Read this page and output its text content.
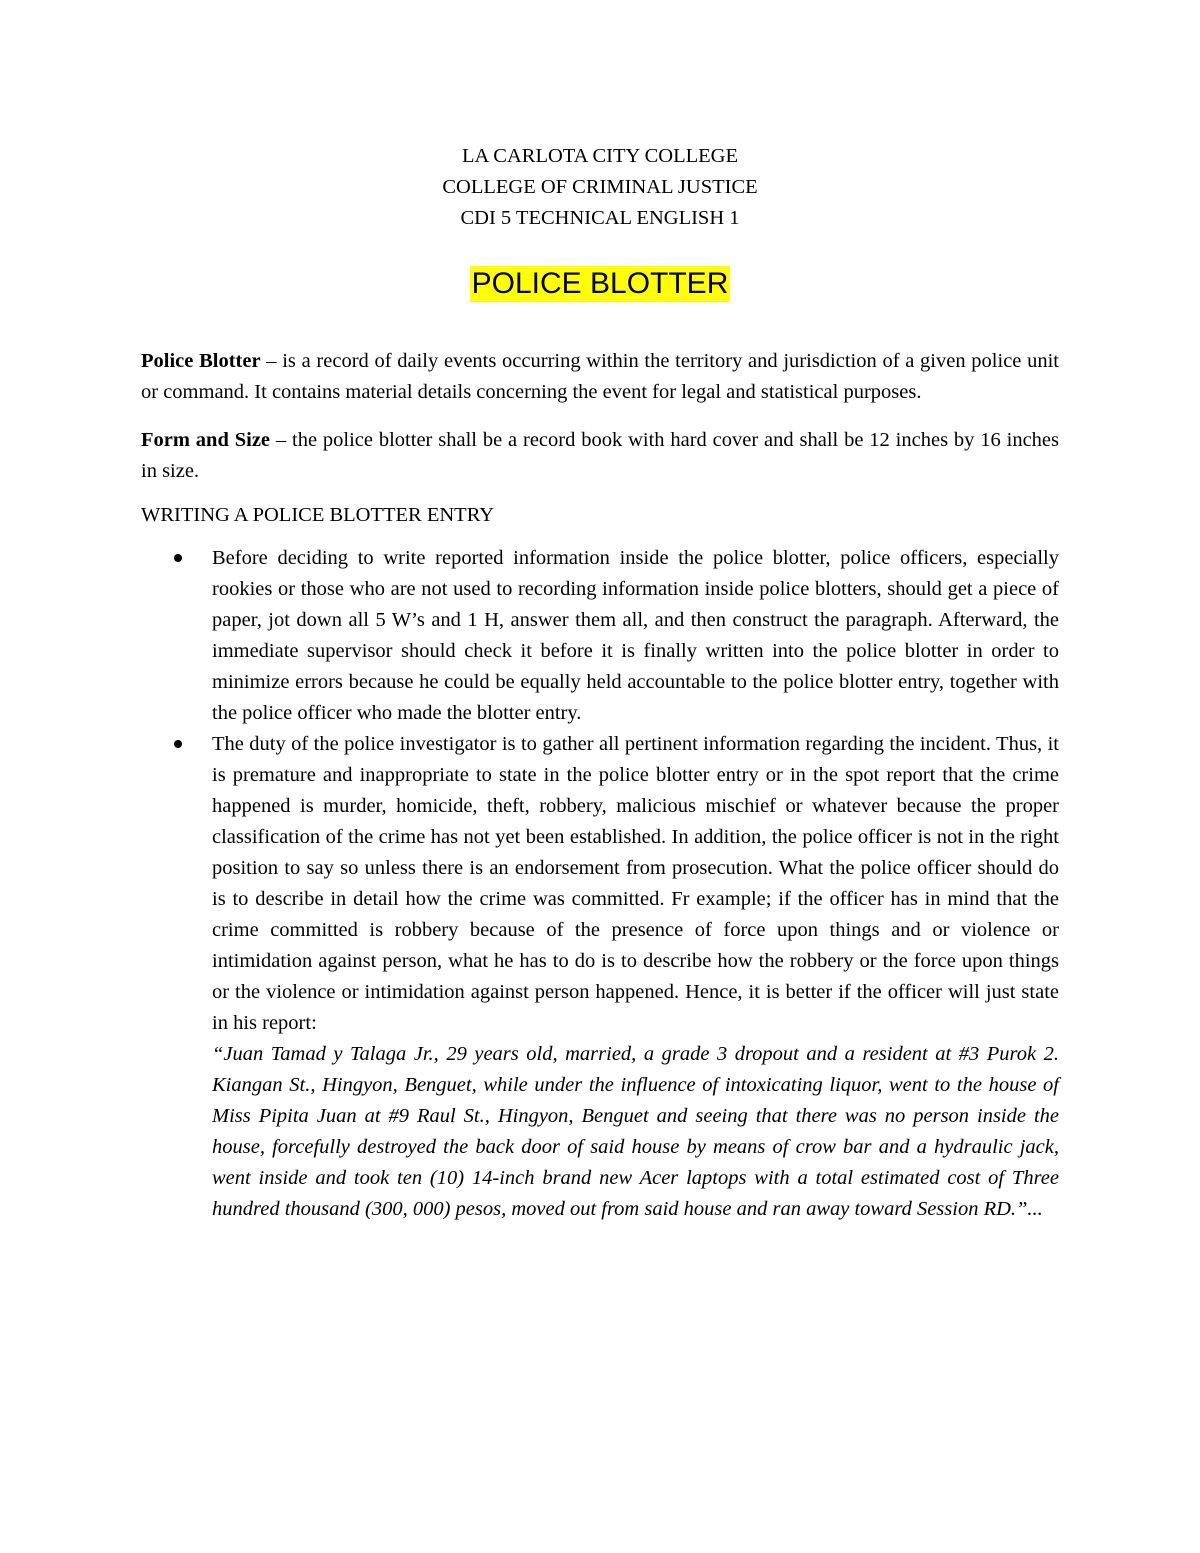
LA CARLOTA CITY COLLEGE
COLLEGE OF CRIMINAL JUSTICE
CDI 5 TECHNICAL ENGLISH 1
POLICE BLOTTER

Police Blotter – is a record of daily events occurring within the territory and jurisdiction of a given police unit or command. It contains material details concerning the event for legal and statistical purposes.

Form and Size – the police blotter shall be a record book with hard cover and shall be 12 inches by 16 inches in size.

WRITING A POLICE BLOTTER ENTRY
Before deciding to write reported information inside the police blotter, police officers, especially rookies or those who are not used to recording information inside police blotters, should get a piece of paper, jot down all 5 W’s and 1 H, answer them all, and then construct the paragraph. Afterward, the immediate supervisor should check it before it is finally written into the police blotter in order to minimize errors because he could be equally held accountable to the police blotter entry, together with the police officer who made the blotter entry.
The duty of the police investigator is to gather all pertinent information regarding the incident. Thus, it is premature and inappropriate to state in the police blotter entry or in the spot report that the crime happened is murder, homicide, theft, robbery, malicious mischief or whatever because the proper classification of the crime has not yet been established. In addition, the police officer is not in the right position to say so unless there is an endorsement from prosecution. What the police officer should do is to describe in detail how the crime was committed. Fr example; if the officer has in mind that the crime committed is robbery because of the presence of force upon things and or violence or intimidation against person, what he has to do is to describe how the robbery or the force upon things or the violence or intimidation against person happened. Hence, it is better if the officer will just state in his report:
“Juan Tamad y Talaga Jr., 29 years old, married, a grade 3 dropout and a resident at #3 Purok 2. Kiangan St., Hingyon, Benguet, while under the influence of intoxicating liquor, went to the house of Miss Pipita Juan at #9 Raul St., Hingyon, Benguet and seeing that there was no person inside the house, forcefully destroyed the back door of said house by means of crow bar and a hydraulic jack, went inside and took ten (10) 14-inch brand new Acer laptops with a total estimated cost of Three hundred thousand (300, 000) pesos, moved out from said house and ran away toward Session RD.”...
